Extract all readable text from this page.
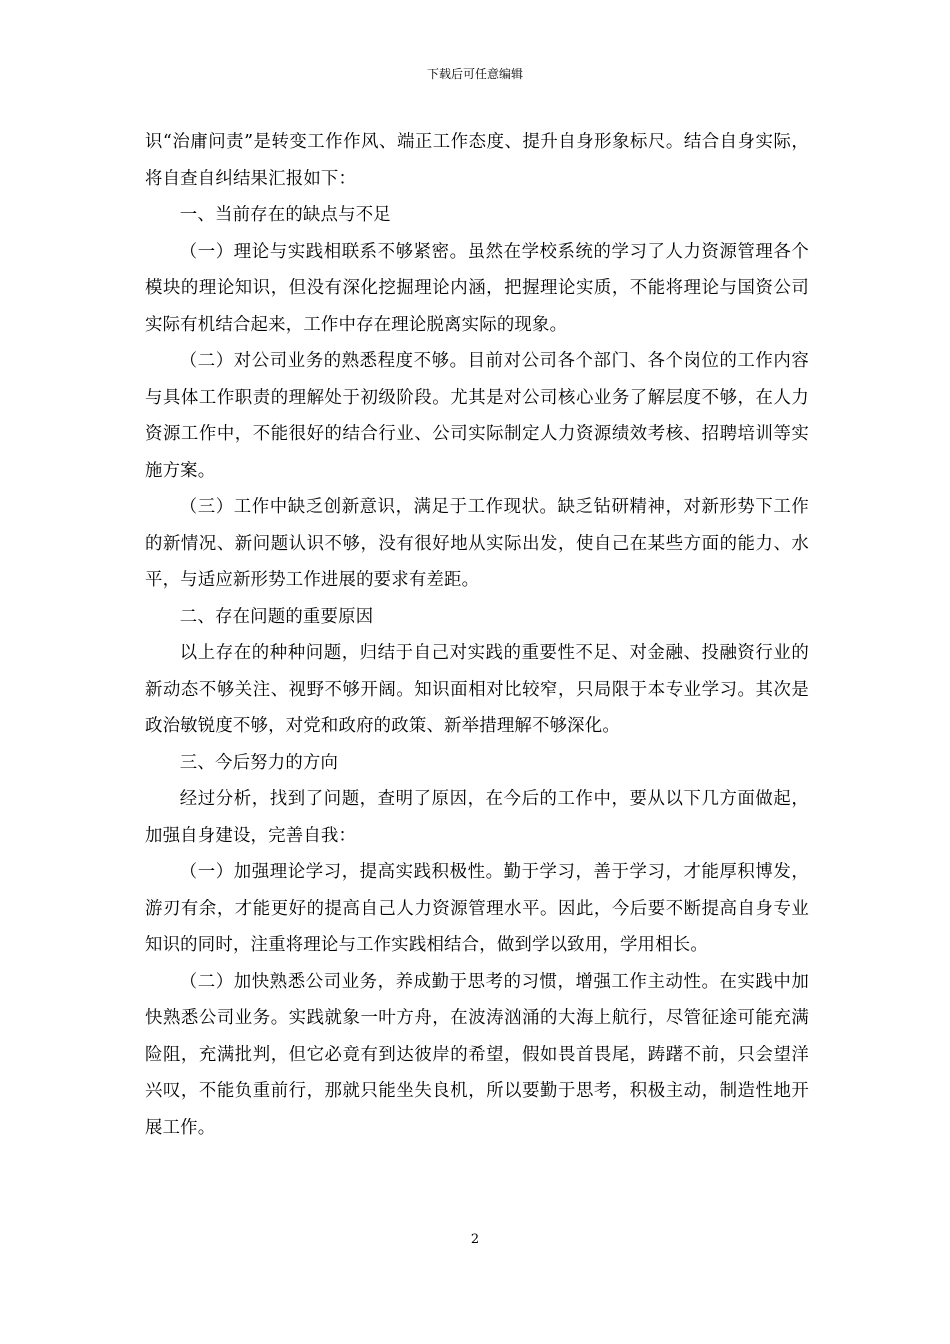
下载后可任意编辑

识“治庸问责”是转变工作作风、端正工作态度、提升自身形象标尺。结合自身实际，将自查自纠结果汇报如下：

一、当前存在的缺点与不足

（一）理论与实践相联系不够紧密。虽然在学校系统的学习了人力资源管理各个模块的理论知识，但没有深化挖掘理论内涵，把握理论实质，不能将理论与国资公司实际有机结合起来，工作中存在理论脱离实际的现象。

（二）对公司业务的熟悉程度不够。目前对公司各个部门、各个岗位的工作内容与具体工作职责的理解处于初级阶段。尤其是对公司核心业务了解层度不够，在人力资源工作中，不能很好的结合行业、公司实际制定人力资源绩效考核、招聘培训等实施方案。

（三）工作中缺乏创新意识，满足于工作现状。缺乏钻研精神，对新形势下工作的新情况、新问题认识不够，没有很好地从实际出发，使自己在某些方面的能力、水平，与适应新形势工作进展的要求有差距。

二、存在问题的重要原因

以上存在的种种问题，归结于自己对实践的重要性不足、对金融、投融资行业的新动态不够关注、视野不够开阔。知识面相对比较窄，只局限于本专业学习。其次是政治敏锐度不够，对党和政府的政策、新举措理解不够深化。

三、今后努力的方向

经过分析，找到了问题，查明了原因，在今后的工作中，要从以下几方面做起，加强自身建设，完善自我：

（一）加强理论学习，提高实践积极性。勤于学习，善于学习，才能厚积博发，游刃有余，才能更好的提高自己人力资源管理水平。因此，今后要不断提高自身专业知识的同时，注重将理论与工作实践相结合，做到学以致用，学用相长。

（二）加快熟悉公司业务，养成勤于思考的习惯，增强工作主动性。在实践中加快熟悉公司业务。实践就象一叶方舟，在波涛汹涌的大海上航行，尽管征途可能充满险阻，充满批判，但它必竟有到达彼岸的希望，假如畏首畏尾，踌躇不前，只会望洋兴叹，不能负重前行，那就只能坐失良机，所以要勤于思考，积极主动，制造性地开展工作。

2
